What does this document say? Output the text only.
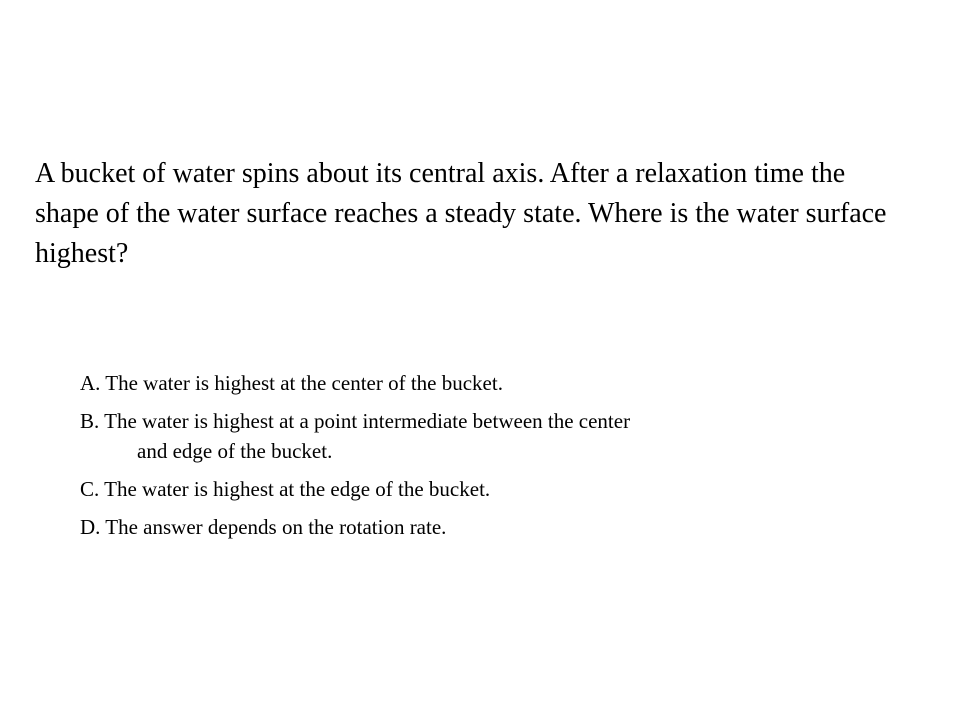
A bucket of water spins about its central axis. After a relaxation time the shape of the water surface reaches a steady state. Where is the water surface highest?

A. The water is highest at the center of the bucket.
B. The water is highest at a point intermediate between the center
and edge of the bucket.
C. The water is highest at the edge of the bucket.
D. The answer depends on the rotation rate.
